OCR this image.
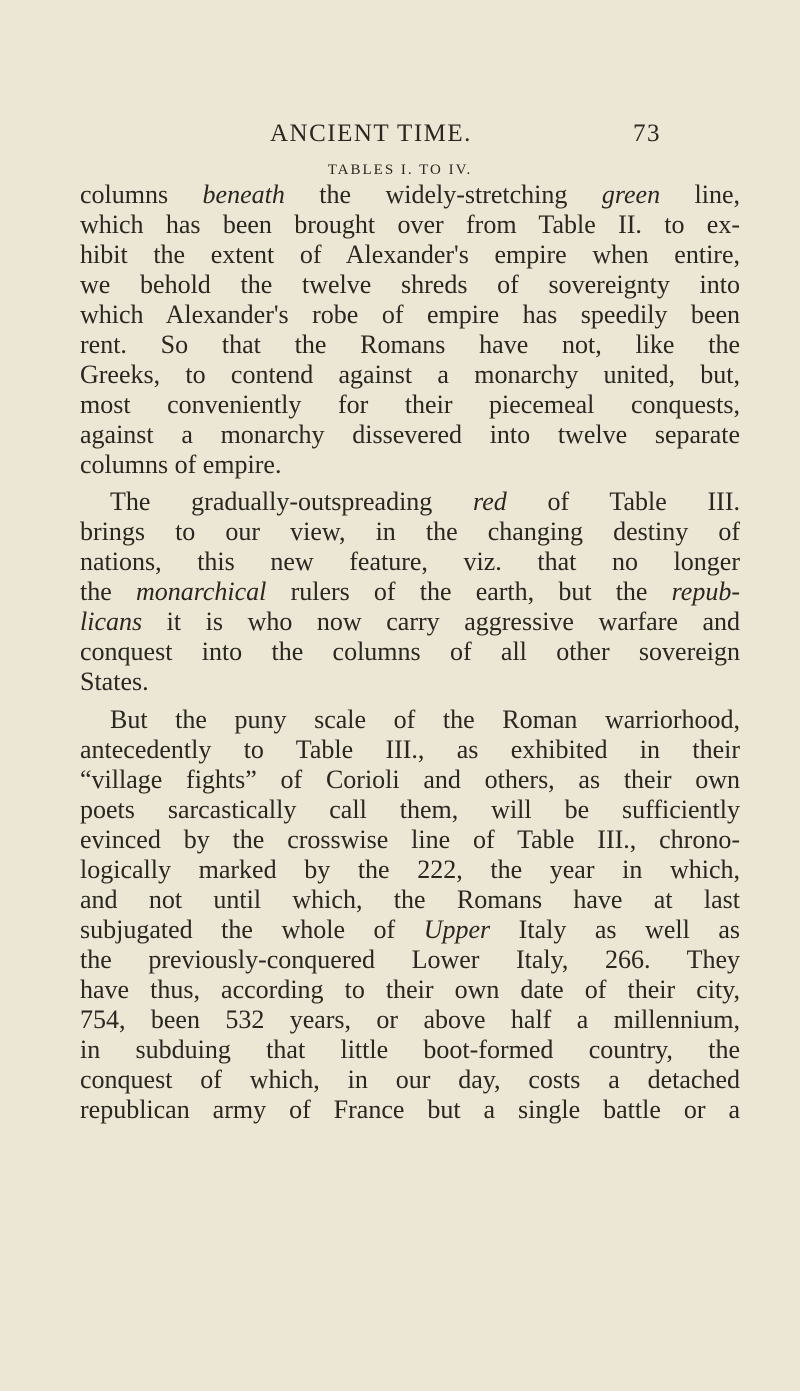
ANCIENT TIME.	73
TABLES I. TO IV.
columns beneath the widely-stretching green line,
which has been brought over from Table II. to ex-
hibit the extent of Alexander's empire when entire,
we behold the twelve shreds of sovereignty into
which Alexander's robe of empire has speedily been
rent. So that the Romans have not, like the
Greeks, to contend against a monarchy united, but,
most conveniently for their piecemeal conquests,
against a monarchy dissevered into twelve separate
columns of empire.
The gradually-outspreading red of Table III.
brings to our view, in the changing destiny of
nations, this new feature, viz. that no longer
the monarchical rulers of the earth, but the repub-
licans it is who now carry aggressive warfare and
conquest into the columns of all other sovereign
States.
But the puny scale of the Roman warriorhood,
antecedently to Table III., as exhibited in their
“village fights” of Corioli and others, as their own
poets sarcastically call them, will be sufficiently
evinced by the crosswise line of Table III., chrono-
logically marked by the 222, the year in which,
and not until which, the Romans have at last
subjugated the whole of Upper Italy as well as
the previously-conquered Lower Italy, 266. They
have thus, according to their own date of their city,
754, been 532 years, or above half a millennium,
in subduing that little boot-formed country, the
conquest of which, in our day, costs a detached
republican army of France but a single battle or a
